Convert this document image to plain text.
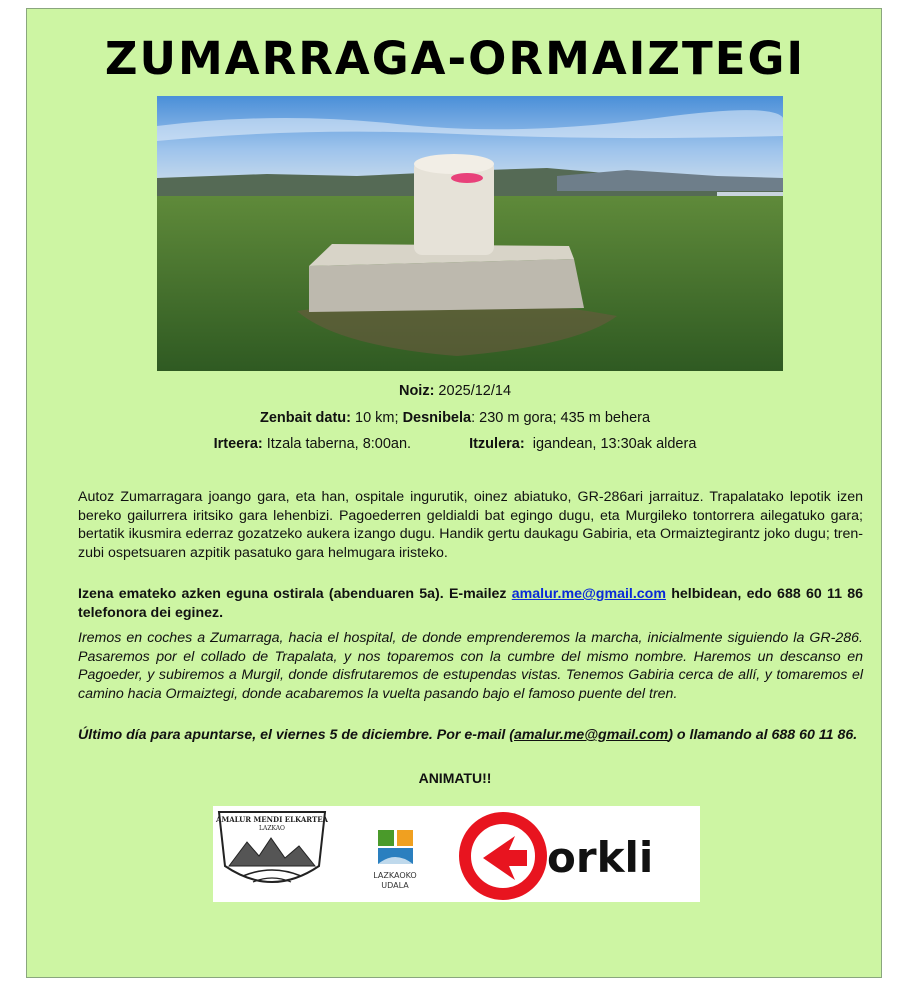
ZUMARRAGA-ORMAIZTEGI
Noiz: 2025/12/14
Zenbait datu: 10 km; Desnibela: 230 m gora; 435 m behera
Irteera: Itzala taberna, 8:00an.	Itzulera:  igandean, 13:30ak aldera
Autoz Zumarragara joango gara, eta han, ospitale ingurutik, oinez abiatuko, GR-286ari jarraituz. Trapalatako lepotik izen bereko gailurrera iritsiko gara lehenbizi. Pagoederren geldialdi bat egingo dugu, eta Murgileko tontorrera ailegatuko gara; bertatik ikusmira ederraz gozatzeko aukera izango dugu. Handik gertu daukagu Gabiria, eta Ormaiztegirantz joko dugu; tren-zubi ospetsuaren azpitik pasatuko gara helmugara iristeko.
Izena emateko azken eguna ostirala (abenduaren 5a). E-mailez amalur.me@gmail.com helbidean, edo 688 60 11 86 telefonora dei eginez.
Iremos en coches a Zumarraga, hacia el hospital, de donde emprenderemos la marcha, inicialmente siguiendo la GR-286. Pasaremos por el collado de Trapalata, y nos toparemos con la cumbre del mismo nombre. Haremos un descanso en Pagoeder, y subiremos a Murgil, donde disfrutaremos de estupendas vistas. Tenemos Gabiria cerca de allí, y tomaremos el camino hacia Ormaiztegi, donde acabaremos la vuelta pasando bajo el famoso puente del tren.
Último día para apuntarse, el viernes 5 de diciembre. Por e-mail (amalur.me@gmail.com) o llamando al 688 60 11 86.
ANIMATU!!
AMALUR MENDI ELKARTEA
LAZKAO
LAZKAOKO
UDALA
orkli
